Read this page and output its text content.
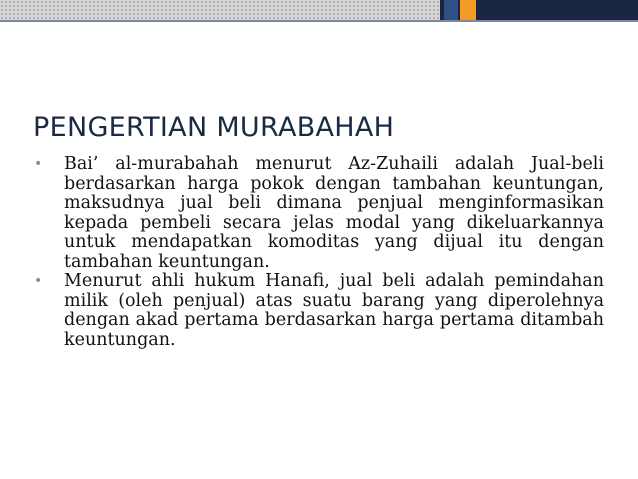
PENGERTIAN MURABAHAH
• Bai’ al-murabahah menurut Az-Zuhaili adalah Jual-beli berdasarkan harga pokok dengan tambahan keuntungan, maksudnya jual beli dimana penjual menginformasikan kepada pembeli secara jelas modal yang dikeluarkannya untuk mendapatkan komoditas yang dijual itu dengan tambahan keuntungan.
• Menurut ahli hukum Hanafi, jual beli adalah pemindahan milik (oleh penjual) atas suatu barang yang diperolehnya dengan akad pertama berdasarkan harga pertama ditambah keuntungan.
